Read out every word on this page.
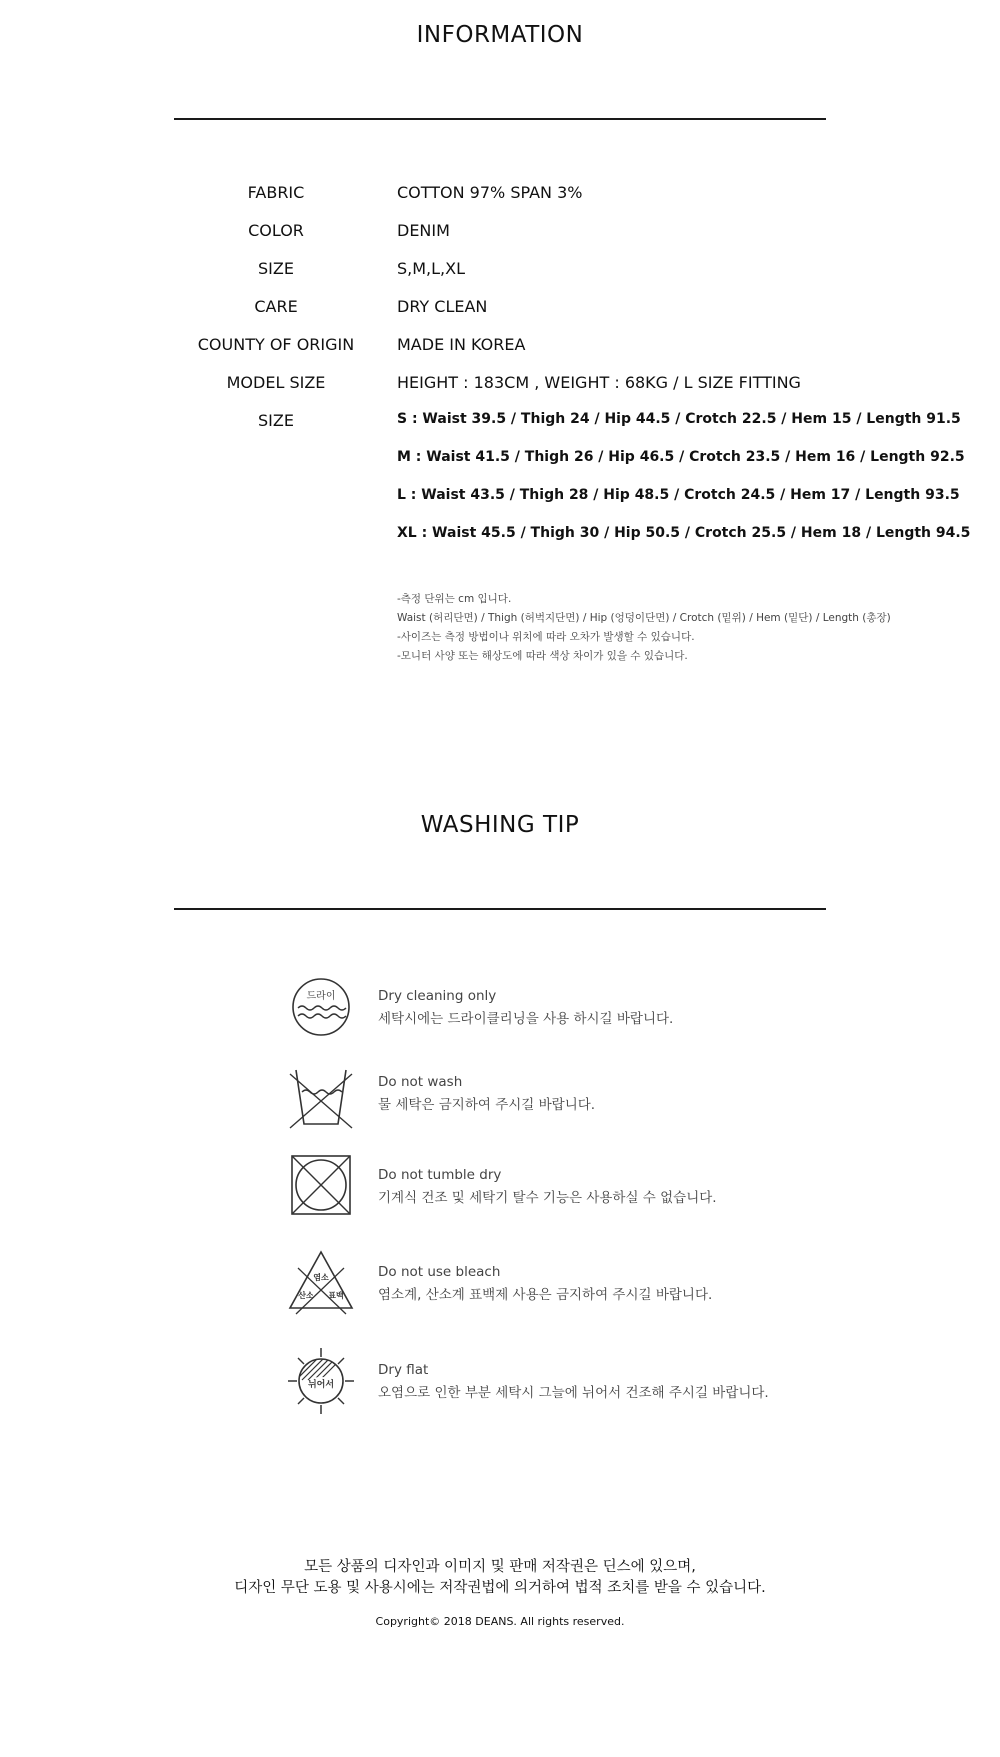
INFORMATION
FABRIC	COTTON 97% SPAN 3%
COLOR	DENIM
SIZE	S,M,L,XL
CARE	DRY CLEAN
COUNTY OF ORIGIN	MADE IN KOREA
MODEL SIZE	HEIGHT : 183CM , WEIGHT : 68KG / L SIZE FITTING
SIZE	S : Waist 39.5 / Thigh 24 / Hip 44.5 / Crotch 22.5 / Hem 15 / Length 91.5
M : Waist 41.5 / Thigh 26 / Hip 46.5 / Crotch 23.5 / Hem 16 / Length 92.5
L : Waist 43.5 / Thigh 28 / Hip 48.5 / Crotch 24.5 / Hem 17 / Length 93.5
XL : Waist 45.5 / Thigh 30 / Hip 50.5 / Crotch 25.5 / Hem 18 / Length 94.5
-측정 단위는 cm 입니다.
Waist (허리단면) / Thigh (허벅지단면) / Hip (엉덩이단면) / Crotch (밑위) / Hem (밑단) / Length (총장)
-사이즈는 측정 방법이나 위치에 따라 오차가 발생할 수 있습니다.
-모니터 사양 또는 해상도에 따라 색상 차이가 있을 수 있습니다.
WASHING TIP
드라이	Dry cleaning only
세탁시에는 드라이클리닝을 사용 하시길 바랍니다.
Do not wash
물 세탁은 금지하여 주시길 바랍니다.
Do not tumble dry
기계식 건조 및 세탁기 탈수 기능은 사용하실 수 없습니다.
염소
산소 표백
Do not use bleach
염소계, 산소계 표백제 사용은 금지하여 주시길 바랍니다.
뉘어서
Dry flat
오염으로 인한 부분 세탁시 그늘에 뉘어서 건조해 주시길 바랍니다.
모든 상품의 디자인과 이미지 및 판매 저작권은 딘스에 있으며,
디자인 무단 도용 및 사용시에는 저작권법에 의거하여 법적 조치를 받을 수 있습니다.
Copyright© 2018 DEANS. All rights reserved.
